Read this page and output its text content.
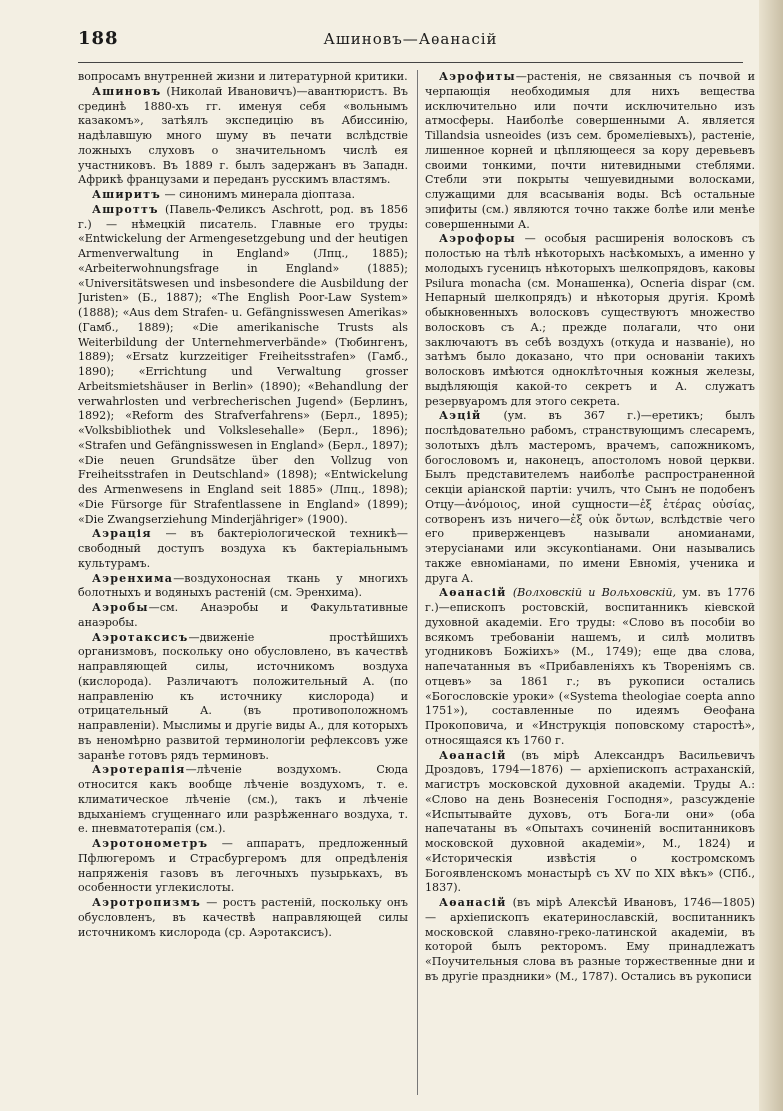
188	Ашиновъ—Аѳанасій

вопросамъ внутренней жизни и литературной критики.

Ашиновъ (Николай Ивановичъ)—авантюристъ. Въ срединѣ 1880-хъ гг. именуя себя «вольнымъ казакомъ», затѣялъ экспедицію въ Абиссинію, надѣлавшую много шуму въ печати вслѣдствіе ложныхъ слуховъ о значительномъ числѣ ея участниковъ. Въ 1889 г. былъ задержанъ въ Западн. Африкѣ французами и переданъ русскимъ властямъ.

Аширитъ — синонимъ минерала діоптаза.

Ашроттъ (Павель-Феликсъ Aschrott, род. въ 1856 г.) — нѣмецкій писатель. Главные его труды: «Entwickelung der Armengesetzgebung und der heutigen Armenverwaltung in England» (Лпц., 1885); «Arbeiterwohnungsfrage in England» (1885); «Universitätswesen und insbesondere die Ausbildung der Juristen» (Б., 1887); «The English Poor-Law System» (1888); «Aus dem Strafen- u. Gefängnisswesen Amerikas» (Гамб., 1889); «Die amerikanische Trusts als Weiterbildung der Unternehmerverbände» (Тюбингенъ, 1889); «Ersatz kurzzeitiger Freiheitsstrafen» (Гамб., 1890); «Errichtung und Verwaltung grosser Arbeitsmietshäuser in Berlin» (1890); «Behandlung der verwahrlosten und verbrecherischen Jugend» (Берлинъ, 1892); «Reform des Strafverfahrens» (Берл., 1895); «Volksbibliothek und Volkslesehalle» (Берл., 1896); «Strafen und Gefängnisswesen in England» (Берл., 1897); «Die neuen Grundsätze über den Vollzug von Freiheitsstrafen in Deutschland» (1898); «Entwickelung des Armenwesens in England seit 1885» (Лпц., 1898); «Die Fürsorge für Strafentlassene in England» (1899); «Die Zwangserziehung Minderjähriger» (1900).

Аэрація — въ бактеріологической техникѣ—свободный доступъ воздуха къ бактеріальнымъ культурамъ.

Аэренхима—воздухоносная ткань у многихъ болотныхъ и водяныхъ растеній (см. Эренхима).

Аэробы—см. Анаэробы и Факультативные анаэробы.

Аэротаксисъ—движеніе простѣйшихъ организмовъ, поскольку оно обусловлено, въ качествѣ направляющей силы, источникомъ воздуха (кислорода). Различаютъ положительный А. (по направленію къ источнику кислорода) и отрицательный А. (въ противоположномъ направленіи). Мыслимы и другіе виды А., для которыхъ въ неномѣрно развитой терминологіи рефлексовъ уже заранѣе готовъ рядъ терминовъ.

Аэротерапія—лѣченіе воздухомъ. Сюда относится какъ вообще лѣченіе воздухомъ, т. е. климатическое лѣченіе (см.), такъ и лѣченіе вдыханіемъ сгущеннаго или разрѣженнаго воздуха, т. е. пневматотерапія (см.).

Аэротонометръ — аппаратъ, предложенный Пфлюгеромъ и Страсбургеромъ для опредѣленія напряженія газовъ въ легочныхъ пузырькахъ, въ особенности углекислоты.

Аэротропизмъ — ростъ растеній, поскольку онъ обусловленъ, въ качествѣ направляющей силы источникомъ кислорода (ср. Аэротаксисъ).

Аэрофиты—растенія, не связанныя съ почвой и черпающія необходимыя для нихъ вещества исключительно или почти исключительно изъ атмосферы. Наиболѣе совершенными А. является Tillandsia usneoides (изъ сем. бромеліевыхъ), растеніе, лишенное корней и цѣпляющееся за кору деревьевъ своими тонкими, почти нитевидными стеблями. Стебли эти покрыты чешуевидными волосками, служащими для всасыванія воды. Всѣ остальные эпифиты (см.) являются точно также болѣе или менѣе совершенными А.

Аэрофоры — особыя расширенія волосковъ съ полостью на тѣлѣ нѣкоторыхъ насѣкомыхъ, а именно у молодыхъ гусеницъ нѣкоторыхъ шелкопрядовъ, каковы Psilura monacha (см. Монашенка), Ocneria dispar (см. Непарный шелкопрядъ) и нѣкоторыя другія. Кромѣ обыкновенныхъ волосковъ существуютъ множество волосковъ съ А.; прежде полагали, что они заключаютъ въ себѣ воздухъ (откуда и названіе), но затѣмъ было доказано, что при основаніи такихъ волосковъ имѣются одноклѣточныя кожныя железы, выдѣляющія какой-то секретъ и А. служатъ резервуаромъ для этого секрета.

Аэцій (ум. въ 367 г.)—еретикъ; былъ послѣдовательно рабомъ, странствующимъ слесаремъ, золотыхъ дѣлъ мастеромъ, врачемъ, сапожникомъ, богословомъ и, наконецъ, апостоломъ новой церкви. Былъ представителемъ наиболѣе распространенной секціи аріанской партіи: училъ, что Сынъ не подобенъ Отцу—ἀνόμοιος, иной сущности—ἐξ ἑτέρας οὐσίας, сотворенъ изъ ничего—ἐξ οὐκ ὄντων, вслѣдствіе чего его приверженцевъ называли аномианами, этерусіанами или эксукontіанами. Они назывались также евноміанами, по имени Евномія, ученика и друга А.

Аѳанасій (Волховскій и Вольховскій, ум. въ 1776 г.)—епископъ ростовскій, воспитанникъ кіевской духовной академіи. Его труды: «Слово въ пособіи во всякомъ требованіи нашемъ, и силѣ молитвъ угодниковъ Божіихъ» (М., 1749); еще два слова, напечатанныя въ «Прибавленіяхъ къ Твореніямъ св. отцевъ» за 1861 г.; въ рукописи остались «Богословскіе уроки» («Systema theologiae coepta anno 1751»), составленные по идеямъ Ѳеофана Прокоповича, и «Инструкція поповскому старостѣ», относящаяся къ 1760 г.

Аѳанасій (въ мірѣ Александръ Васильевичъ Дроздовъ, 1794—1876) — архіепископъ астраханскій, магистръ московской духовной академіи. Труды А.: «Слово на день Вознесенія Господня», разсужденіе «Испытывайте духовъ, отъ Бога-ли они» (оба напечатаны въ «Опытахъ сочиненій воспитанниковъ московской духовной академіи», М., 1824) и «Историческія извѣстія о костромскомъ Богоявленскомъ монастырѣ съ XV по XIX вѣкъ» (СПб., 1837).

Аѳанасій (въ мірѣ Алексѣй Ивановъ, 1746—1805) — архіепископъ екатеринославскій, воспитанникъ московской славяно-греко-латинской академіи, въ которой былъ ректоромъ. Ему принадлежатъ «Поучительныя слова въ разные торжественные дни и въ другіе праздники» (М., 1787). Остались въ рукописи
